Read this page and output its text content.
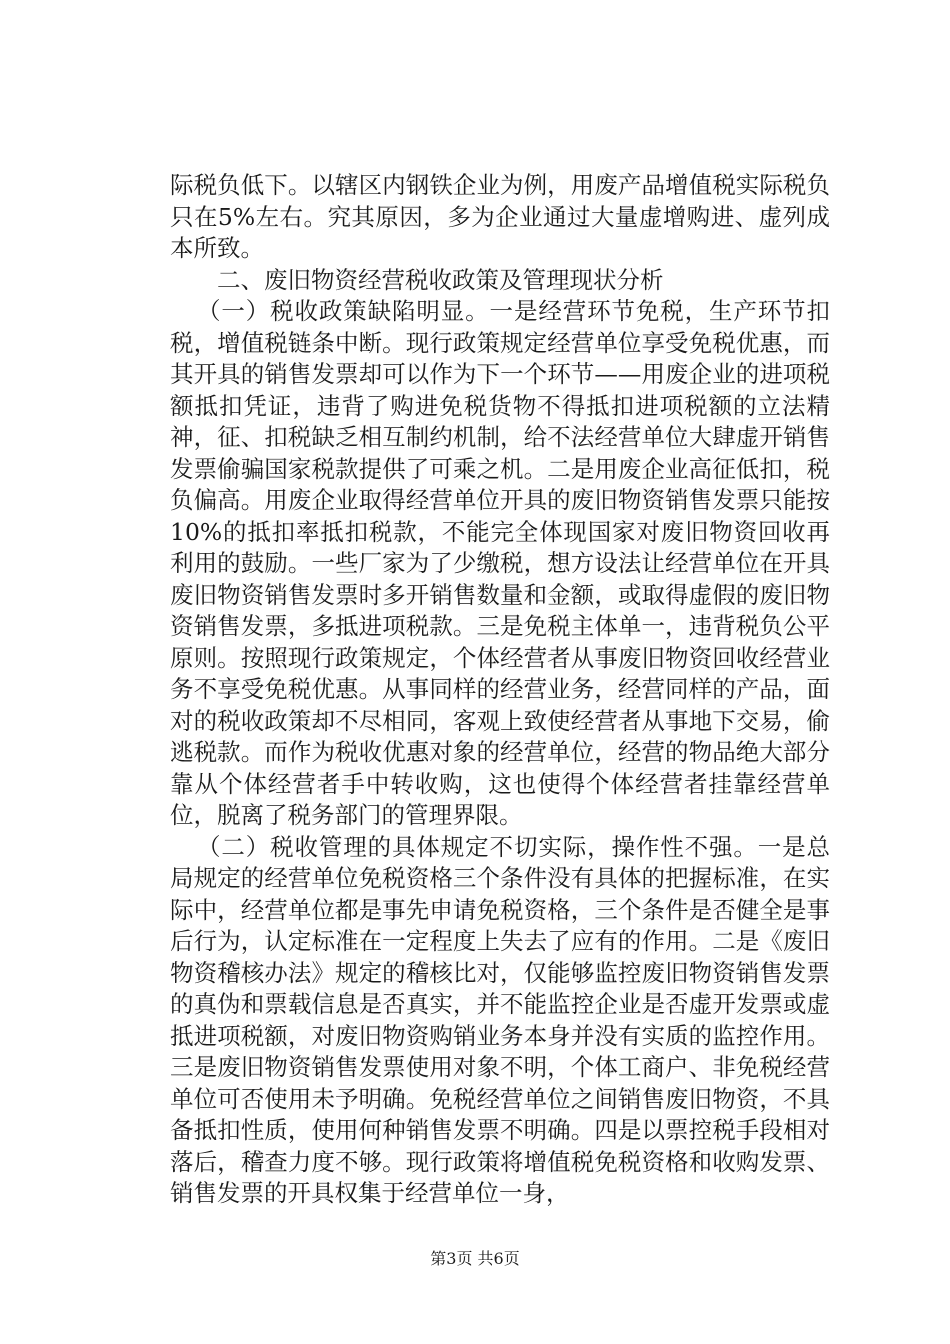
际税负低下。以辖区内钢铁企业为例，用废产品增值税实际税负只在5%左右。究其原因，多为企业通过大量虚增购进、虚列成本所致。

二、废旧物资经营税收政策及管理现状分析

（一）税收政策缺陷明显。一是经营环节免税，生产环节扣税，增值税链条中断。现行政策规定经营单位享受免税优惠，而其开具的销售发票却可以作为下一个环节——用废企业的进项税额抵扣凭证，违背了购进免税货物不得抵扣进项税额的立法精神，征、扣税缺乏相互制约机制，给不法经营单位大肆虚开销售发票偷骗国家税款提供了可乘之机。二是用废企业高征低扣，税负偏高。用废企业取得经营单位开具的废旧物资销售发票只能按10%的抵扣率抵扣税款，不能完全体现国家对废旧物资回收再利用的鼓励。一些厂家为了少缴税，想方设法让经营单位在开具废旧物资销售发票时多开销售数量和金额，或取得虚假的废旧物资销售发票，多抵进项税款。三是免税主体单一，违背税负公平原则。按照现行政策规定，个体经营者从事废旧物资回收经营业务不享受免税优惠。从事同样的经营业务，经营同样的产品，面对的税收政策却不尽相同，客观上致使经营者从事地下交易，偷逃税款。而作为税收优惠对象的经营单位，经营的物品绝大部分靠从个体经营者手中转收购，这也使得个体经营者挂靠经营单位，脱离了税务部门的管理界限。

（二）税收管理的具体规定不切实际，操作性不强。一是总局规定的经营单位免税资格三个条件没有具体的把握标准，在实际中，经营单位都是事先申请免税资格，三个条件是否健全是事后行为，认定标准在一定程度上失去了应有的作用。二是《废旧物资稽核办法》规定的稽核比对，仅能够监控废旧物资销售发票的真伪和票载信息是否真实，并不能监控企业是否虚开发票或虚抵进项税额，对废旧物资购销业务本身并没有实质的监控作用。三是废旧物资销售发票使用对象不明，个体工商户、非免税经营单位可否使用未予明确。免税经营单位之间销售废旧物资，不具备抵扣性质，使用何种销售发票不明确。四是以票控税手段相对落后，稽查力度不够。现行政策将增值税免税资格和收购发票、销售发票的开具权集于经营单位一身，

第3页 共6页
